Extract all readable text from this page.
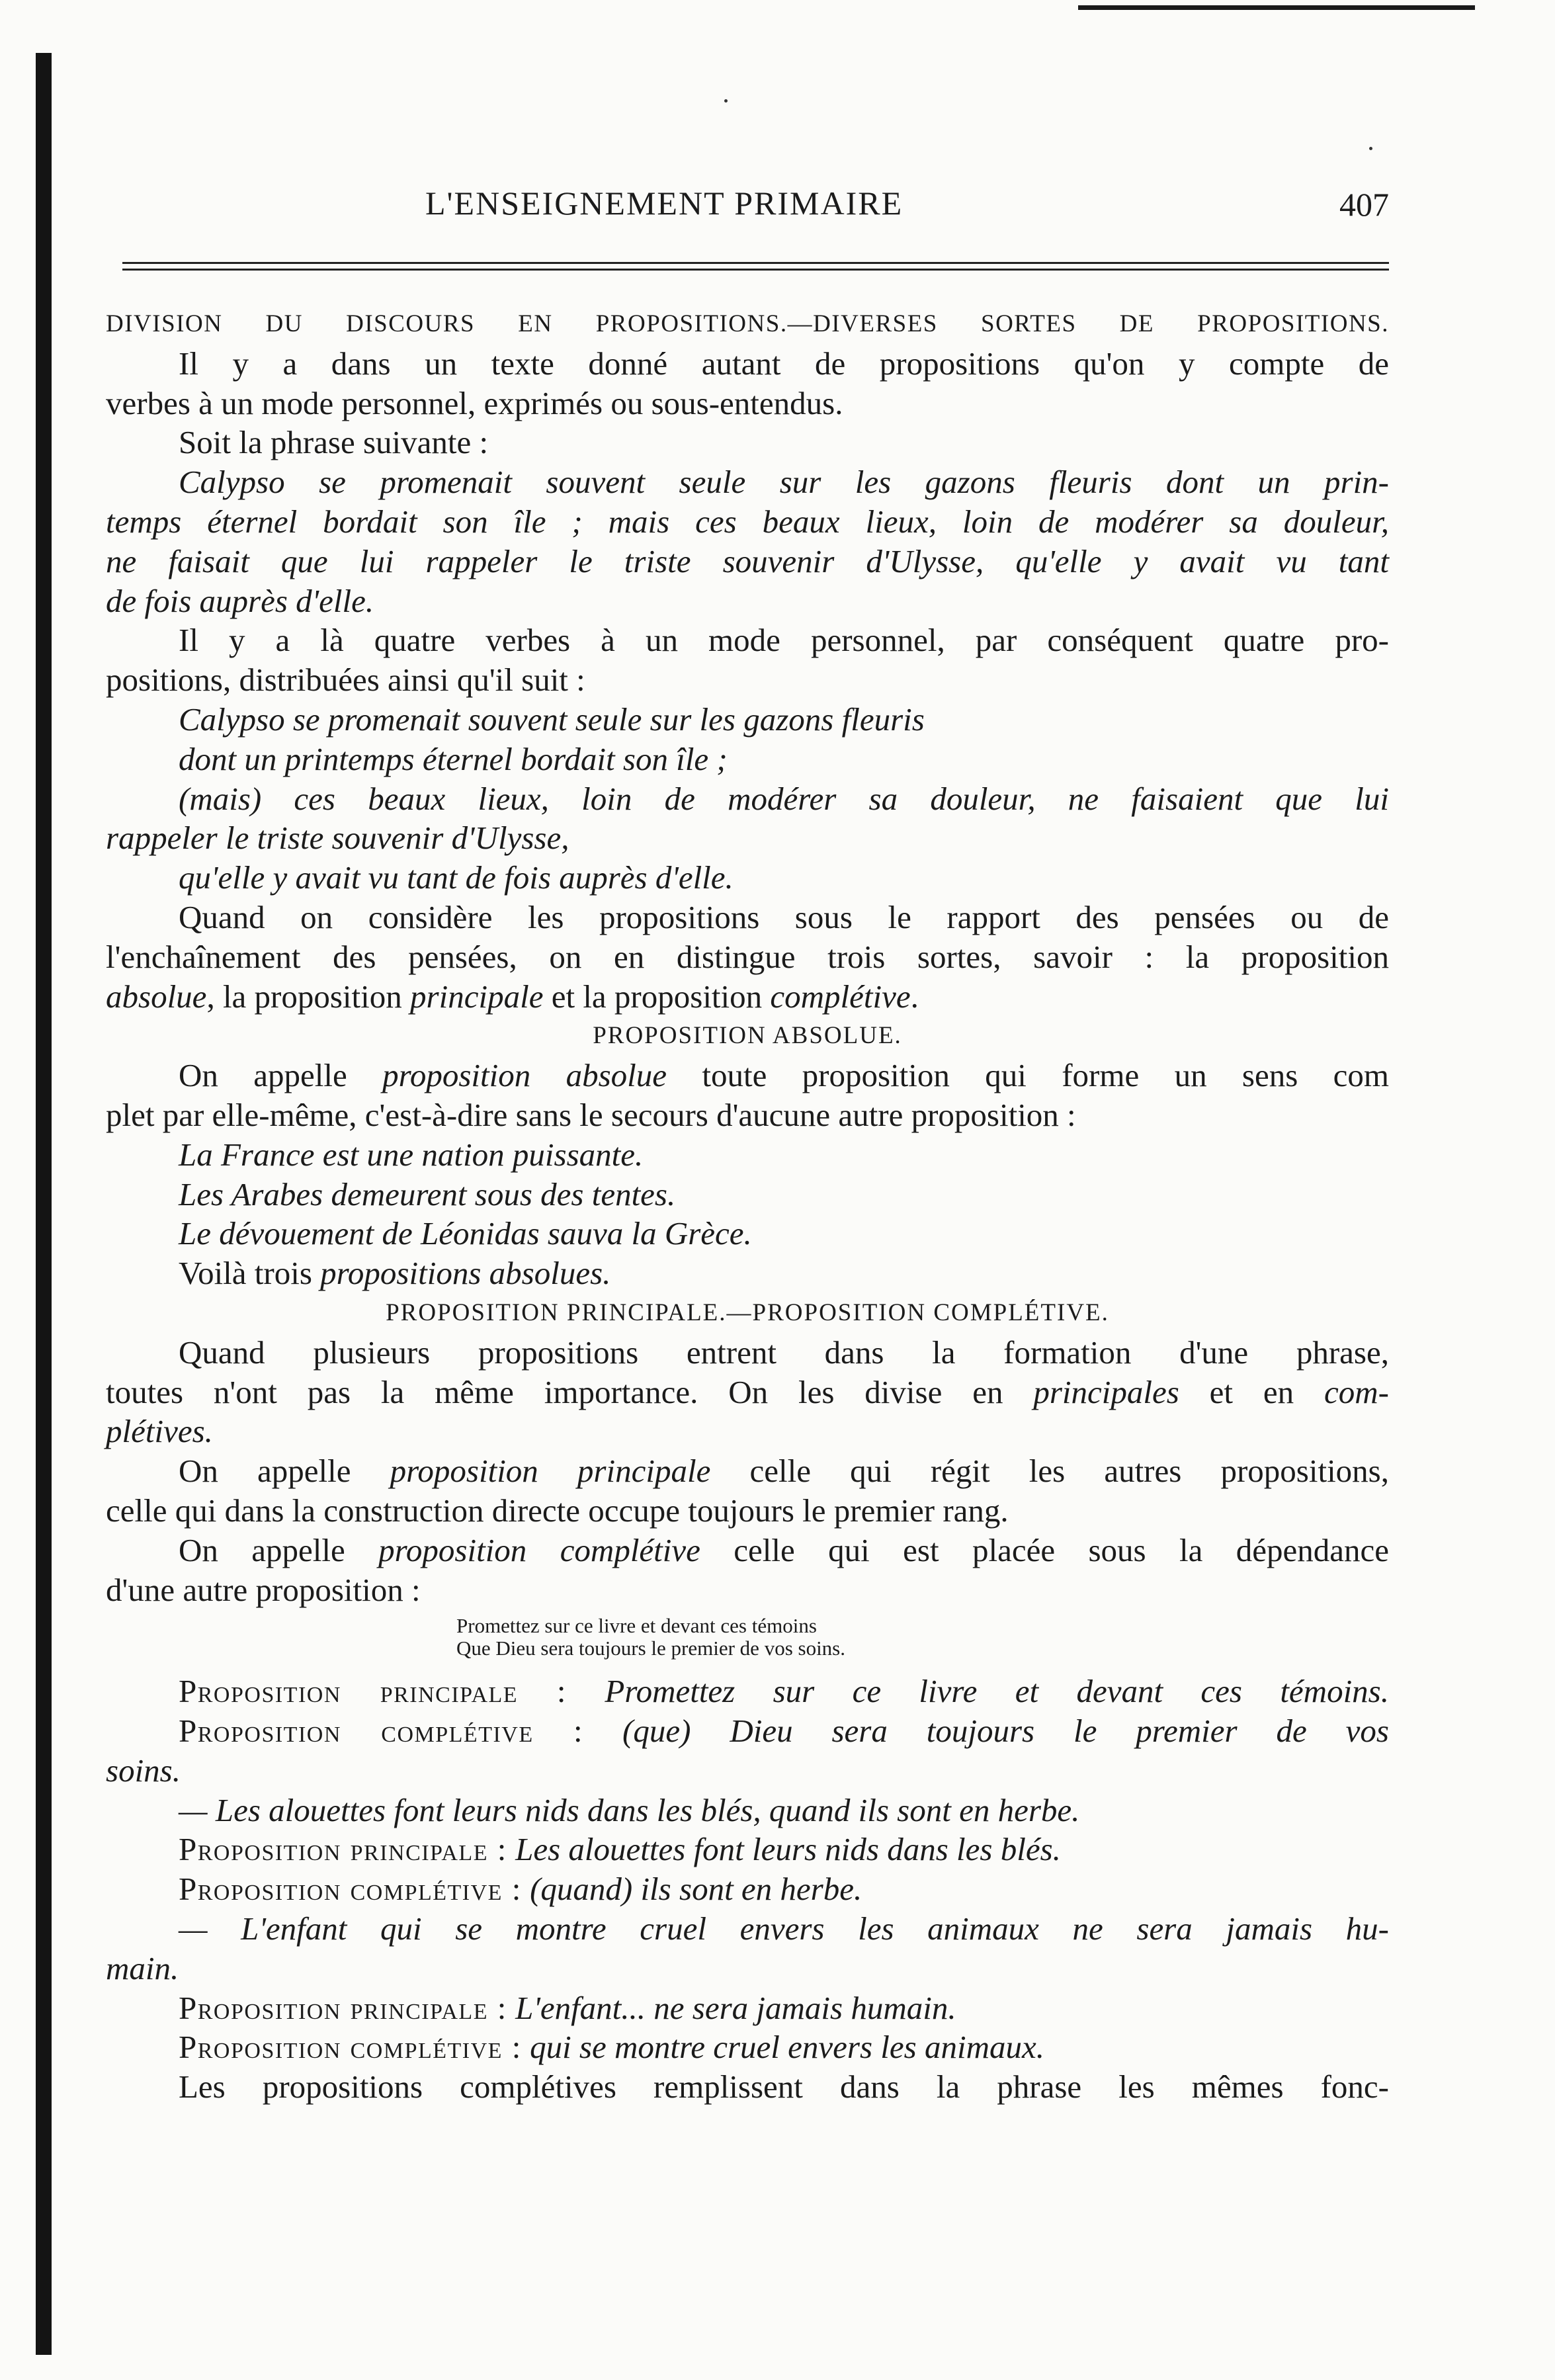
L'ENSEIGNEMENT PRIMAIRE	407
DIVISION DU DISCOURS EN PROPOSITIONS.—DIVERSES SORTES DE PROPOSITIONS.
Il y a dans un texte donné autant de propositions qu'on y compte de
verbes à un mode personnel, exprimés ou sous-entendus.
Soit la phrase suivante :
Calypso se promenait souvent seule sur les gazons fleuris dont un prin-
temps éternel bordait son île ; mais ces beaux lieux, loin de modérer sa douleur,
ne faisait que lui rappeler le triste souvenir d'Ulysse, qu'elle y avait vu tant
de fois auprès d'elle.
Il y a là quatre verbes à un mode personnel, par conséquent quatre pro-
positions, distribuées ainsi qu'il suit :
Calypso se promenait souvent seule sur les gazons fleuris
dont un printemps éternel bordait son île ;
(mais) ces beaux lieux, loin de modérer sa douleur, ne faisaient que lui
rappeler le triste souvenir d'Ulysse,
qu'elle y avait vu tant de fois auprès d'elle.
Quand on considère les propositions sous le rapport des pensées ou de
l'enchaînement des pensées, on en distingue trois sortes, savoir : la proposition
absolue, la proposition principale et la proposition complétive.
PROPOSITION ABSOLUE.
On appelle proposition absolue toute proposition qui forme un sens com
plet par elle-même, c'est-à-dire sans le secours d'aucune autre proposition :
La France est une nation puissante.
Les Arabes demeurent sous des tentes.
Le dévouement de Léonidas sauva la Grèce.
Voilà trois propositions absolues.
PROPOSITION PRINCIPALE.—PROPOSITION COMPLÉTIVE.
Quand plusieurs propositions entrent dans la formation d'une phrase,
toutes n'ont pas la même importance. On les divise en principales et en com-
plétives.
On appelle proposition principale celle qui régit les autres propositions,
celle qui dans la construction directe occupe toujours le premier rang.
On appelle proposition complétive celle qui est placée sous la dépendance
d'une autre proposition :
Promettez sur ce livre et devant ces témoins
Que Dieu sera toujours le premier de vos soins.
Proposition principale : Promettez sur ce livre et devant ces témoins.
Proposition complétive : (que) Dieu sera toujours le premier de vos
soins.
— Les alouettes font leurs nids dans les blés, quand ils sont en herbe.
Proposition principale : Les alouettes font leurs nids dans les blés.
Proposition complétive : (quand) ils sont en herbe.
— L'enfant qui se montre cruel envers les animaux ne sera jamais hu-
main.
Proposition principale : L'enfant... ne sera jamais humain.
Proposition complétive : qui se montre cruel envers les animaux.
Les propositions complétives remplissent dans la phrase les mêmes fonc-
